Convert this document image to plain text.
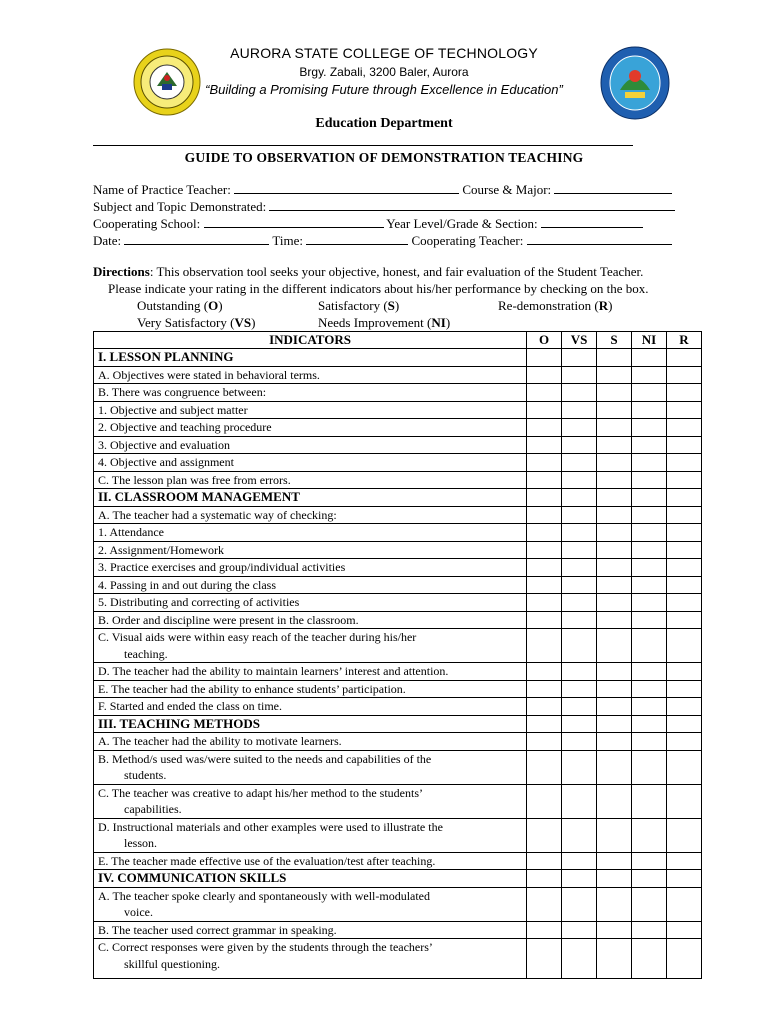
AURORA STATE COLLEGE OF TECHNOLOGY
Brgy. Zabali, 3200 Baler, Aurora
“Building a Promising Future through Excellence in Education”
Education Department
GUIDE TO OBSERVATION OF DEMONSTRATION TEACHING
Name of Practice Teacher:	Course & Major:
Subject and Topic Demonstrated:
Cooperating School:	Year Level/Grade & Section:
Date:	Time:	Cooperating Teacher:
Directions: This observation tool seeks your objective, honest, and fair evaluation of the Student Teacher.
Please indicate your rating in the different indicators about his/her performance by checking on the box.
Outstanding (O)	Satisfactory (S)	Re-demonstration (R)
Very Satisfactory (VS)	Needs Improvement (NI)
INDICATORS	O	VS	S	NI	R

I. LESSON PLANNING					

A. Objectives were stated in behavioral terms.					

B. There was congruence between:					

1. Objective and subject matter					

2. Objective and teaching procedure					

3. Objective and evaluation					

4. Objective and assignment					

C. The lesson plan was free from errors.					

II. CLASSROOM MANAGEMENT					

A. The teacher had a systematic way of checking:					

1. Attendance					

2. Assignment/Homework					

3. Practice exercises and group/individual activities					

4. Passing in and out during the class					

5. Distributing and correcting of activities					

B. Order and discipline were present in the classroom.					

C. Visual aids were within easy reach of the teacher during his/her
teaching.					

D. The teacher had the ability to maintain learners’ interest and attention.					

E. The teacher had the ability to enhance students’ participation.					

F. Started and ended the class on time.					

III. TEACHING METHODS					

A. The teacher had the ability to motivate learners.					

B. Method/s used was/were suited to the needs and capabilities of the
students.					

C. The teacher was creative to adapt his/her method to the students’
capabilities.					

D. Instructional materials and other examples were used to illustrate the
lesson.					

E. The teacher made effective use of the evaluation/test after teaching.					

IV. COMMUNICATION SKILLS					

A. The teacher spoke clearly and spontaneously with well-modulated
voice.					

B. The teacher used correct grammar in speaking.					

C. Correct responses were given by the students through the teachers’
skillful questioning.					
